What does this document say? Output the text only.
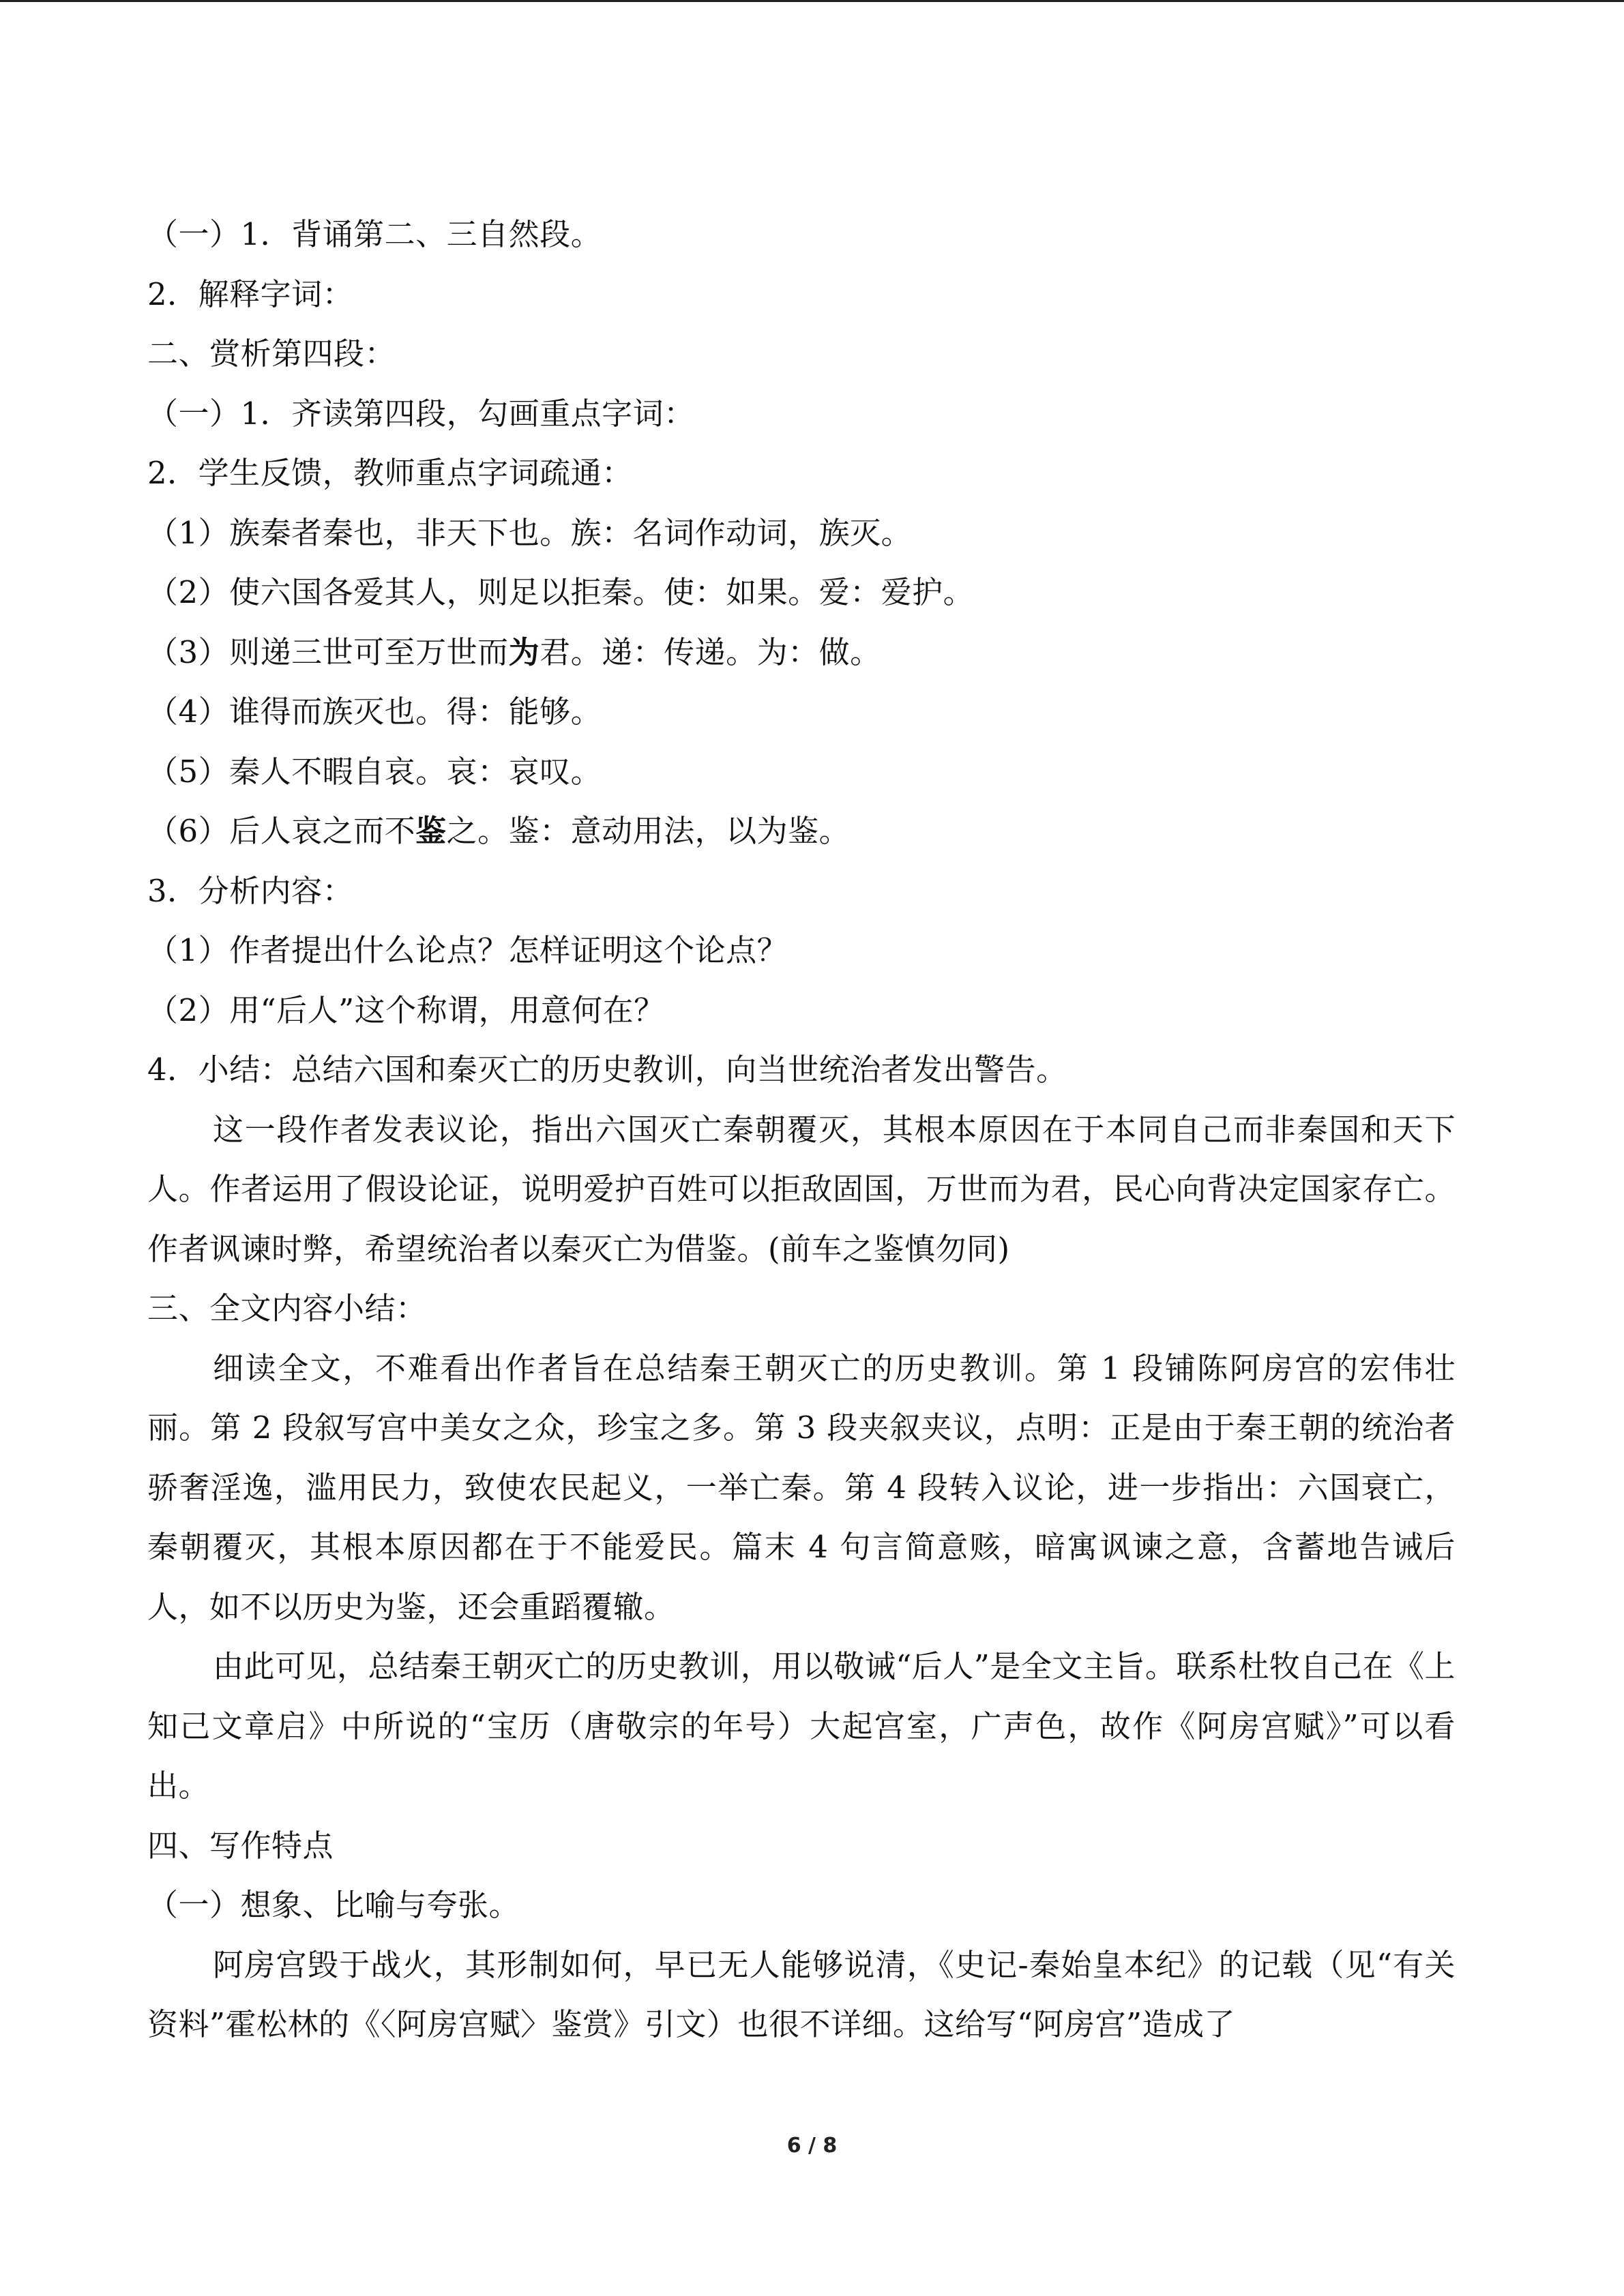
（一）1．背诵第二、三自然段。

2．解释字词：

二、赏析第四段：

（一）1．齐读第四段，勾画重点字词：

2．学生反馈，教师重点字词疏通：

（1）族秦者秦也，非天下也。族：名词作动词，族灭。

（2）使六国各爱其人，则足以拒秦。使：如果。爱：爱护。

（3）则递三世可至万世而为君。递：传递。为：做。

（4）谁得而族灭也。得：能够。

（5）秦人不暇自哀。哀：哀叹。

（6）后人哀之而不鉴之。鉴：意动用法，以为鉴。

3．分析内容：

（1）作者提出什么论点？怎样证明这个论点？

（2）用“后人”这个称谓，用意何在？

4．小结：总结六国和秦灭亡的历史教训，向当世统治者发出警告。

这一段作者发表议论，指出六国灭亡秦朝覆灭，其根本原因在于本同自己而非秦国和天下人。作者运用了假设论证，说明爱护百姓可以拒敌固国，万世而为君，民心向背决定国家存亡。作者讽谏时弊，希望统治者以秦灭亡为借鉴。(前车之鉴慎勿同)

三、全文内容小结：

细读全文，不难看出作者旨在总结秦王朝灭亡的历史教训。第 1 段铺陈阿房宫的宏伟壮丽。第 2 段叙写宫中美女之众，珍宝之多。第 3 段夹叙夹议，点明：正是由于秦王朝的统治者骄奢淫逸，滥用民力，致使农民起义，一举亡秦。第 4 段转入议论，进一步指出：六国衰亡，秦朝覆灭，其根本原因都在于不能爱民。篇末 4 句言简意赅，暗寓讽谏之意，含蓄地告诫后人，如不以历史为鉴，还会重蹈覆辙。

由此可见，总结秦王朝灭亡的历史教训，用以敬诫“后人”是全文主旨。联系杜牧自己在《上知己文章启》中所说的“宝历（唐敬宗的年号）大起宫室，广声色，故作《阿房宫赋》”可以看出。

四、写作特点

（一）想象、比喻与夸张。

阿房宫毁于战火，其形制如何，早已无人能够说清，《史记-秦始皇本纪》的记载（见“有关资料”霍松林的《〈阿房宫赋〉鉴赏》引文）也很不详细。这给写“阿房宫”造成了

6 / 8
